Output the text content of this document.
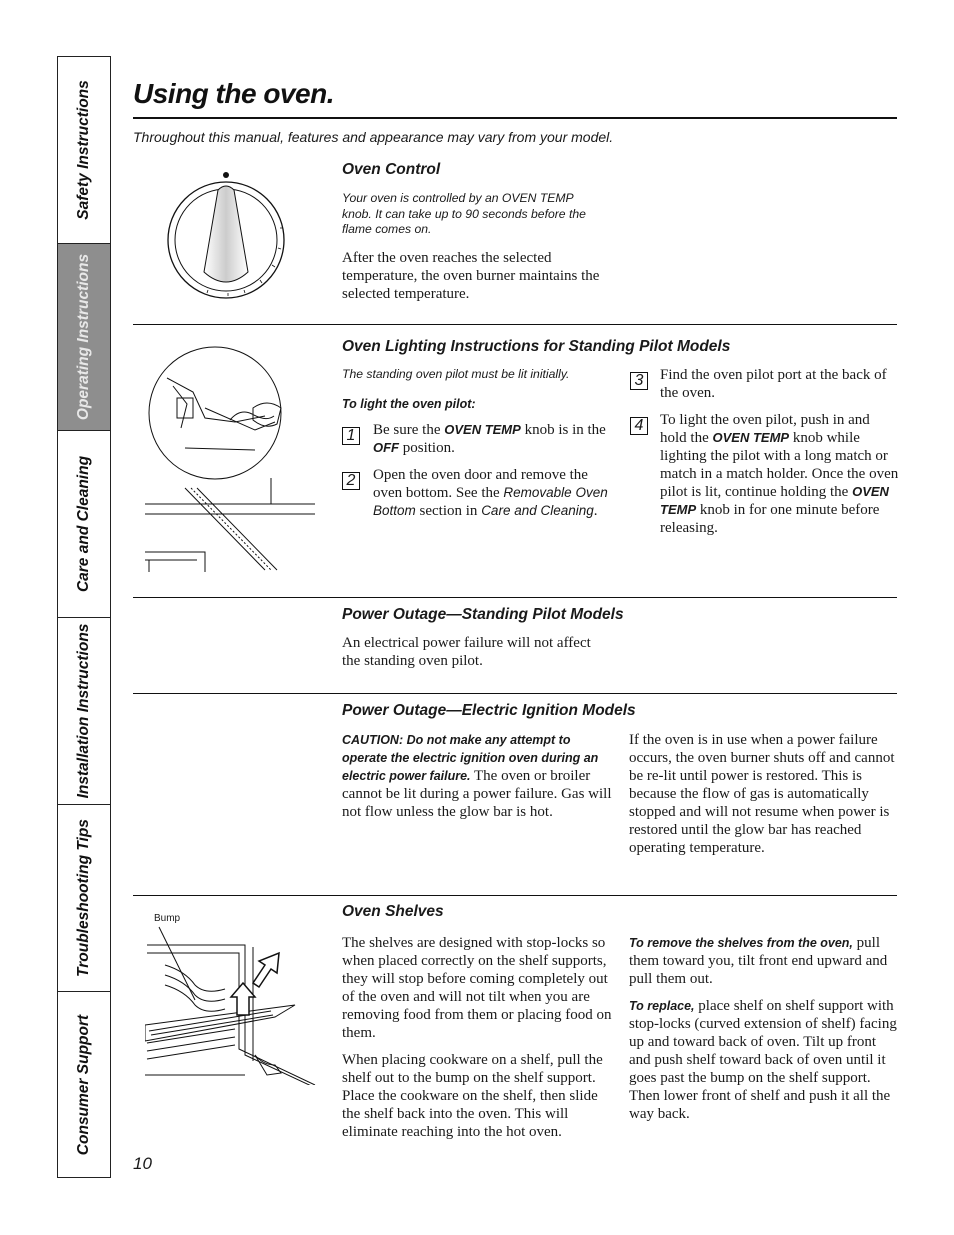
Safety Instructions
Operating Instructions
Care and Cleaning
Installation Instructions
Troubleshooting Tips
Consumer Support
Using the oven.
Throughout this manual, features and appearance may vary from your model.
Oven Control
Your oven is controlled by an OVEN TEMP knob. It can take up to 90 seconds before the flame comes on.
After the oven reaches the selected temperature, the oven burner maintains the selected temperature.
Oven Lighting Instructions for Standing Pilot Models
The standing oven pilot must be lit initially.
To light the oven pilot:
1	Be sure the OVEN TEMP knob is in the OFF position.
2	Open the oven door and remove the oven bottom. See the Removable Oven Bottom section in Care and Cleaning.
3	Find the oven pilot port at the back of the oven.
4	To light the oven pilot, push in and hold the OVEN TEMP knob while lighting the pilot with a long match or match in a match holder. Once the oven pilot is lit, continue holding the OVEN TEMP knob in for one minute before releasing.
Power Outage—Standing Pilot Models
An electrical power failure will not affect the standing oven pilot.
Power Outage—Electric Ignition Models
CAUTION: Do not make any attempt to operate the electric ignition oven during an electric power failure. The oven or broiler cannot be lit during a power failure. Gas will not flow unless the glow bar is hot.
If the oven is in use when a power failure occurs, the oven burner shuts off and cannot be re-lit until power is restored. This is because the flow of gas is automatically stopped and will not resume when power is restored until the glow bar has reached operating temperature.
Bump	Oven Shelves
The shelves are designed with stop-locks so when placed correctly on the shelf supports, they will stop before coming completely out of the oven and will not tilt when you are removing food from them or placing food on them.
When placing cookware on a shelf, pull the shelf out to the bump on the shelf support. Place the cookware on the shelf, then slide the shelf back into the oven. This will eliminate reaching into the hot oven.
To remove the shelves from the oven, pull them toward you, tilt front end upward and pull them out.
To replace, place shelf on shelf support with stop-locks (curved extension of shelf) facing up and toward back of oven. Tilt up front and push shelf toward back of oven until it goes past the bump on the shelf support. Then lower front of shelf and push it all the way back.
10
